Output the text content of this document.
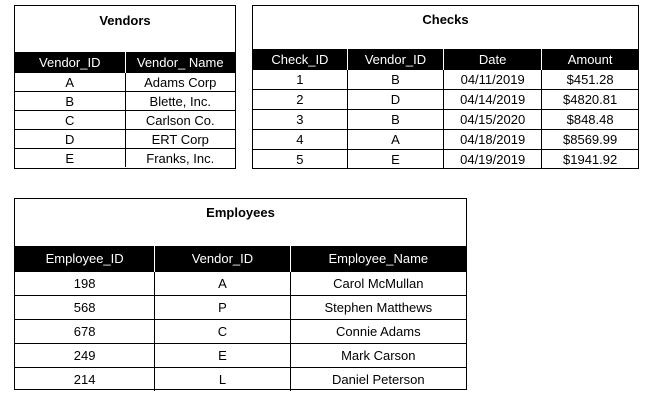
Vendors
Vendor_ID	Vendor_ Name
A	Adams Corp
B	Blette, Inc.
C	Carlson Co.
D	ERT Corp
E	Franks, Inc.
Checks
Check_ID	Vendor_ID	Date	Amount
1	B	04/11/2019	$451.28
2	D	04/14/2019	$4820.81
3	B	04/15/2020	$848.48
4	A	04/18/2019	$8569.99
5	E	04/19/2019	$1941.92
Employees
Employee_ID	Vendor_ID	Employee_Name
198	A	Carol McMullan
568	P	Stephen Matthews
678	C	Connie Adams
249	E	Mark Carson
214	L	Daniel Peterson
